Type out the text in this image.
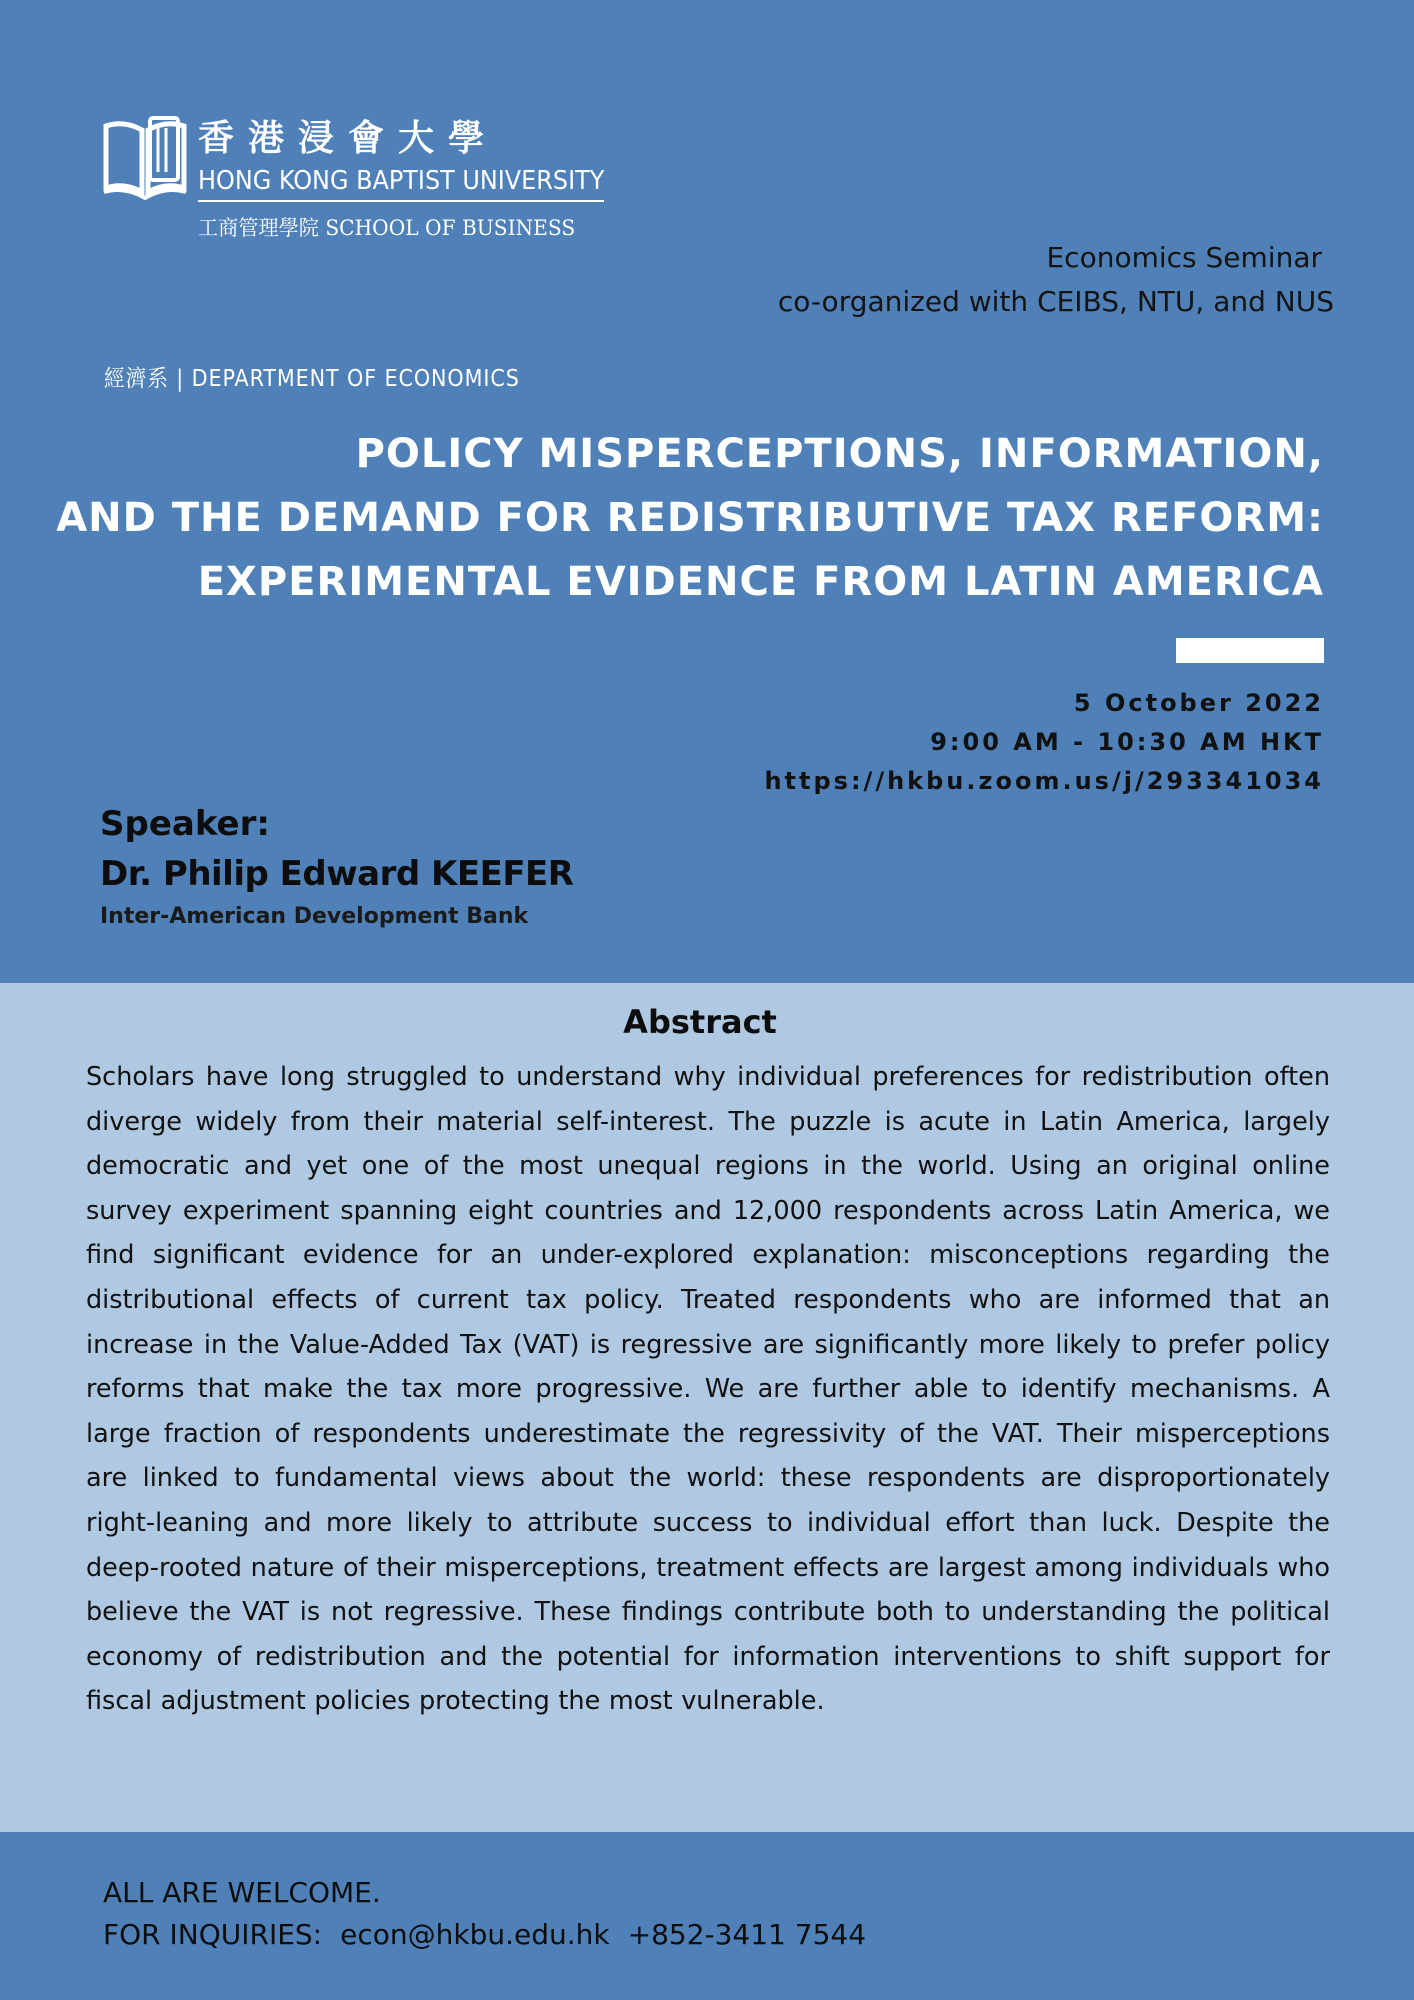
香港浸會大學
HONG KONG BAPTIST UNIVERSITY
工商管理學院 SCHOOL OF BUSINESS
Economics Seminar
co-organized with CEIBS, NTU, and NUS
經濟系 | DEPARTMENT OF ECONOMICS
POLICY MISPERCEPTIONS, INFORMATION,
AND THE DEMAND FOR REDISTRIBUTIVE TAX REFORM:
EXPERIMENTAL EVIDENCE FROM LATIN AMERICA
5 October 2022
9:00 AM - 10:30 AM HKT
https://hkbu.zoom.us/j/293341034
Speaker:
Dr. Philip Edward KEEFER
Inter-American Development Bank
Abstract
Scholars have long struggled to understand why individual preferences for redistribution often diverge widely from their material self-interest. The puzzle is acute in Latin America, largely democratic and yet one of the most unequal regions in the world. Using an original online survey experiment spanning eight countries and 12,000 respondents across Latin America, we find significant evidence for an under-explored explanation: misconceptions regarding the distributional effects of current tax policy. Treated respondents who are informed that an increase in the Value-Added Tax (VAT) is regressive are significantly more likely to prefer policy reforms that make the tax more progressive. We are further able to identify mechanisms. A large fraction of respondents underestimate the regressivity of the VAT. Their misperceptions are linked to fundamental views about the world: these respondents are disproportionately right-leaning and more likely to attribute success to individual effort than luck. Despite the deep-rooted nature of their misperceptions, treatment effects are largest among individuals who believe the VAT is not regressive. These findings contribute both to understanding the political economy of redistribution and the potential for information interventions to shift support for fiscal adjustment policies protecting the most vulnerable.
ALL ARE WELCOME.
FOR INQUIRIES: econ@hkbu.edu.hk +852-3411 7544
